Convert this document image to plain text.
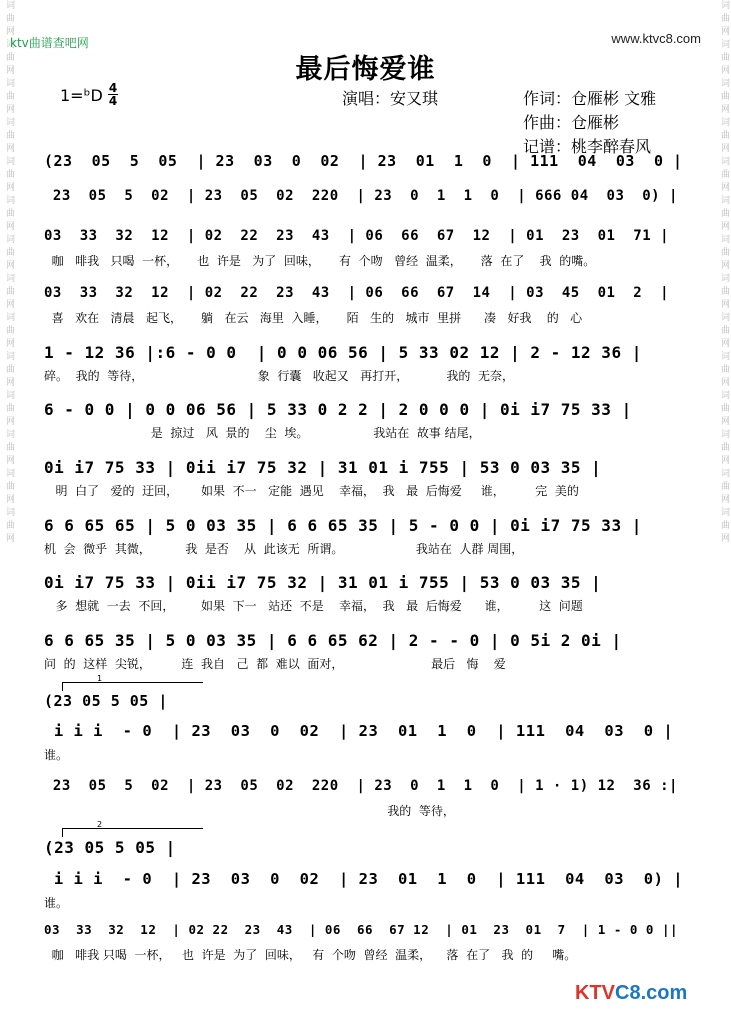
词曲网词曲网词曲网词曲网词曲网词曲网词曲网词曲网词曲网词曲网词曲网词曲网词曲网词曲网	词曲网词曲网词曲网词曲网词曲网词曲网词曲网词曲网词曲网词曲网词曲网词曲网词曲网词曲网
ktv曲谱查吧网	www.ktvc8.com
最后悔爱谁
1=ᵇD 4
4	演唱：安又琪	作词：仓雁彬 文雅
作曲：仓雁彬
记谱：桃李醉春风
(23  05  5  05  | 23  03  0  02  | 23  01  1  0  | 111  04  03  0 |
23  05  5  02  | 23  05  02  220  | 23  0  1  1  0  | 666 04  03  0) |
03  33  32  12  | 02  22  23  43  | 06  66  67  12  | 01  23  01  71 |
咖   啡我   只喝  一杯，     也  许是   为了  回味，     有  个吻   曾经  温柔，     落  在了    我  的嘴。
03  33  32  12  | 02  22  23  43  | 06  66  67  14  | 03  45  01  2  |
喜   欢在   清晨   起飞，     躺   在云   海里  入睡，     陌   生的   城市  里拼      凑   好我    的   心
1 - 12 36 |:6 - 0 0  | 0 0 06 56 | 5 33 02 12 | 2 - 12 36 |
碎。  我的  等待，                              象  行囊   收起又   再打开，          我的  无奈，
6 - 0 0 | 0 0 06 56 | 5 33 0 2 2 | 2 0 0 0 | 0i i7 75 33 |
是  掠过   风  景的    尘  埃。                 我站在  故事 结尾，
0i i7 75 33 | 0ii i7 75 32 | 31 01 i 755 | 53 0 03 35 |
明  白了   爱的  迂回，      如果  不一   定能  遇见    幸福，  我   最  后悔爱     谁，        完  美的
6 6 65 65 | 5 0 03 35 | 6 6 65 35 | 5 - 0 0 | 0i i7 75 33 |
机  会  微乎  其微，         我  是否    从  此该无  所谓。                   我站在  人群 周围，
0i i7 75 33 | 0ii i7 75 32 | 31 01 i 755 | 53 0 03 35 |
多  想就  一去  不回，       如果  下一   站还  不是    幸福，  我   最  后悔爱      谁，        这  问题
6 6 65 35 | 5 0 03 35 | 6 6 65 62 | 2 - - 0 | 0 5i 2 0i |
问  的  这样  尖锐，        连  我自   己  都  难以  面对，                       最后   悔    爱
(23 05 5 05 |
i i i  - 0  | 23  03  0  02  | 23  01  1  0  | 111  04  03  0 |
谁。
23  05  5  02  | 23  05  02  220  | 23  0  1  1  0  | 1 · 1) 12  36 :|
我的  等待，
(23 05 5 05 |
i i i  - 0  | 23  03  0  02  | 23  01  1  0  | 111  04  03  0) |
谁。
03  33  32  12  | 02 22  23  43  | 06  66  67 12  | 01  23  01  7  | 1 - 0 0 ||
咖   啡我 只喝  一杯，   也  许是  为了  回味，   有  个吻  曾经  温柔，    落  在了   我  的     嘴。
1
2
KTVC8.com
